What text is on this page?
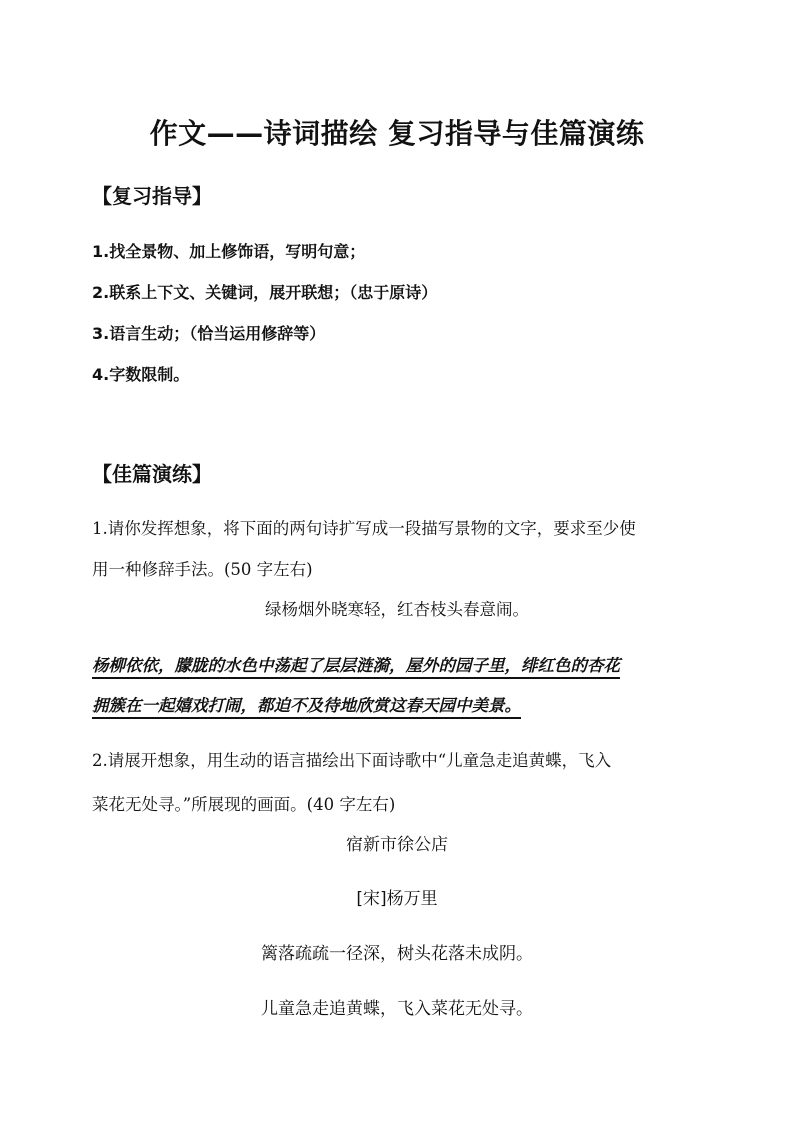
作文——诗词描绘 复习指导与佳篇演练
【复习指导】
1.找全景物、加上修饰语，写明句意；
2.联系上下文、关键词，展开联想；（忠于原诗）
3.语言生动；（恰当运用修辞等）
4.字数限制。
【佳篇演练】
1.请你发挥想象，将下面的两句诗扩写成一段描写景物的文字，要求至少使
用一种修辞手法。(50 字左右)
绿杨烟外晓寒轻，红杏枝头春意闹。
杨柳依依，朦胧的水色中荡起了层层涟漪，屋外的园子里，绯红色的杏花
拥簇在一起嬉戏打闹，都迫不及待地欣赏这春天园中美景。
2.请展开想象，用生动的语言描绘出下面诗歌中“儿童急走追黄蝶，飞入
菜花无处寻。”所展现的画面。(40 字左右)
宿新市徐公店
[宋]杨万里
篱落疏疏一径深，树头花落未成阴。
儿童急走追黄蝶，飞入菜花无处寻。
